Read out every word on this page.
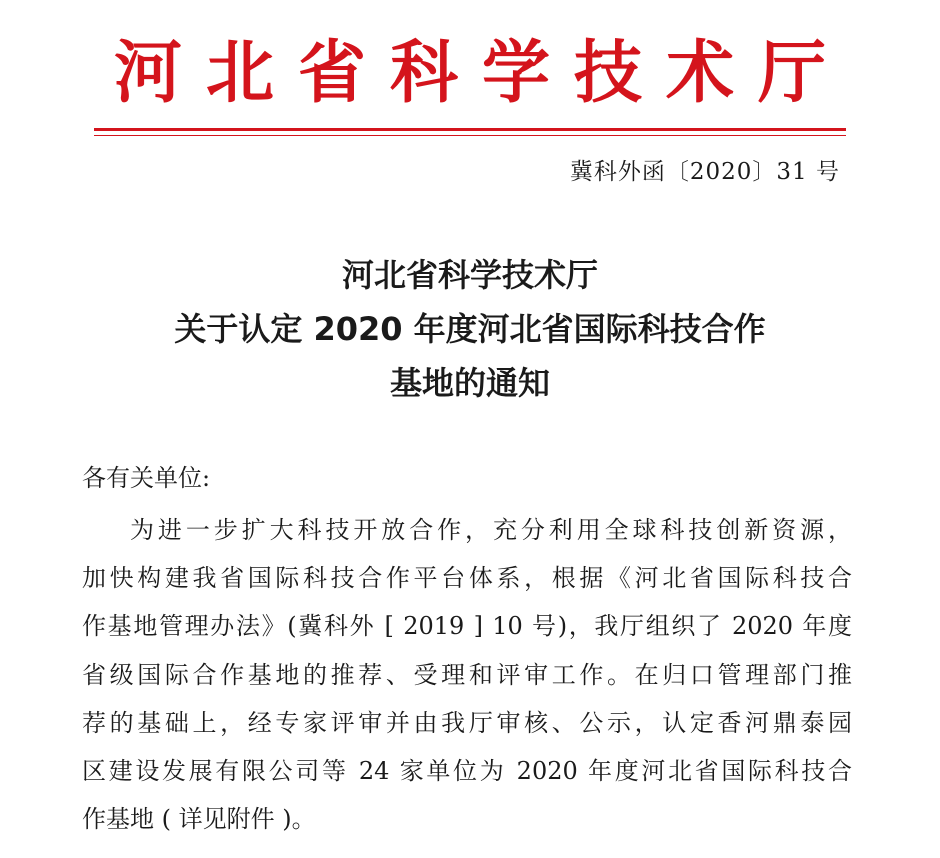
河北省科学技术厅
冀科外函〔2020〕31 号
河北省科学技术厅
关于认定 2020 年度河北省国际科技合作
基地的通知
各有关单位:
为进一步扩大科技开放合作，充分利用全球科技创新资源，
加快构建我省国际科技合作平台体系，根据《河北省国际科技合
作基地管理办法》(冀科外 [ 2019 ] 10 号)，我厅组织了 2020 年度
省级国际合作基地的推荐、受理和评审工作。在归口管理部门推
荐的基础上，经专家评审并由我厅审核、公示，认定香河鼎泰园
区建设发展有限公司等 24 家单位为 2020 年度河北省国际科技合
作基地 ( 详见附件 )。
